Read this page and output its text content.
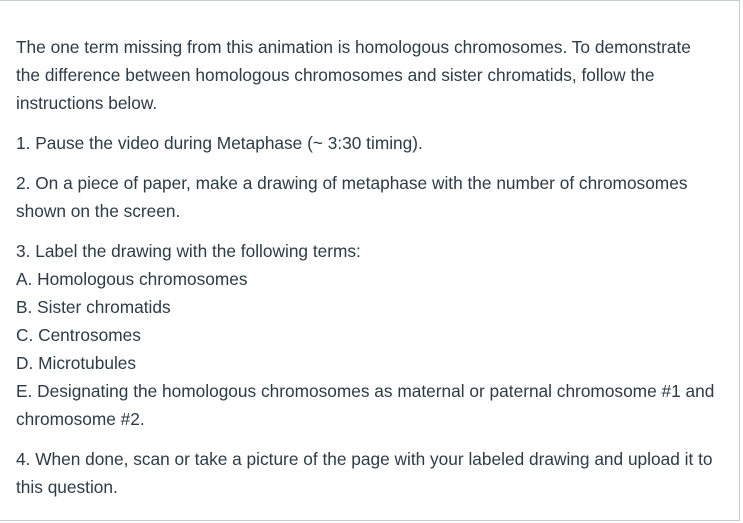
The one term missing from this animation is homologous chromosomes. To demonstrate the difference between homologous chromosomes and sister chromatids, follow the instructions below.

1. Pause the video during Metaphase (~ 3:30 timing).

2. On a piece of paper, make a drawing of metaphase with the number of chromosomes shown on the screen.

3. Label the drawing with the following terms:

A. Homologous chromosomes

B. Sister chromatids

C. Centrosomes

D. Microtubules

E. Designating the homologous chromosomes as maternal or paternal chromosome #1 and chromosome #2.

4. When done, scan or take a picture of the page with your labeled drawing and upload it to this question.
